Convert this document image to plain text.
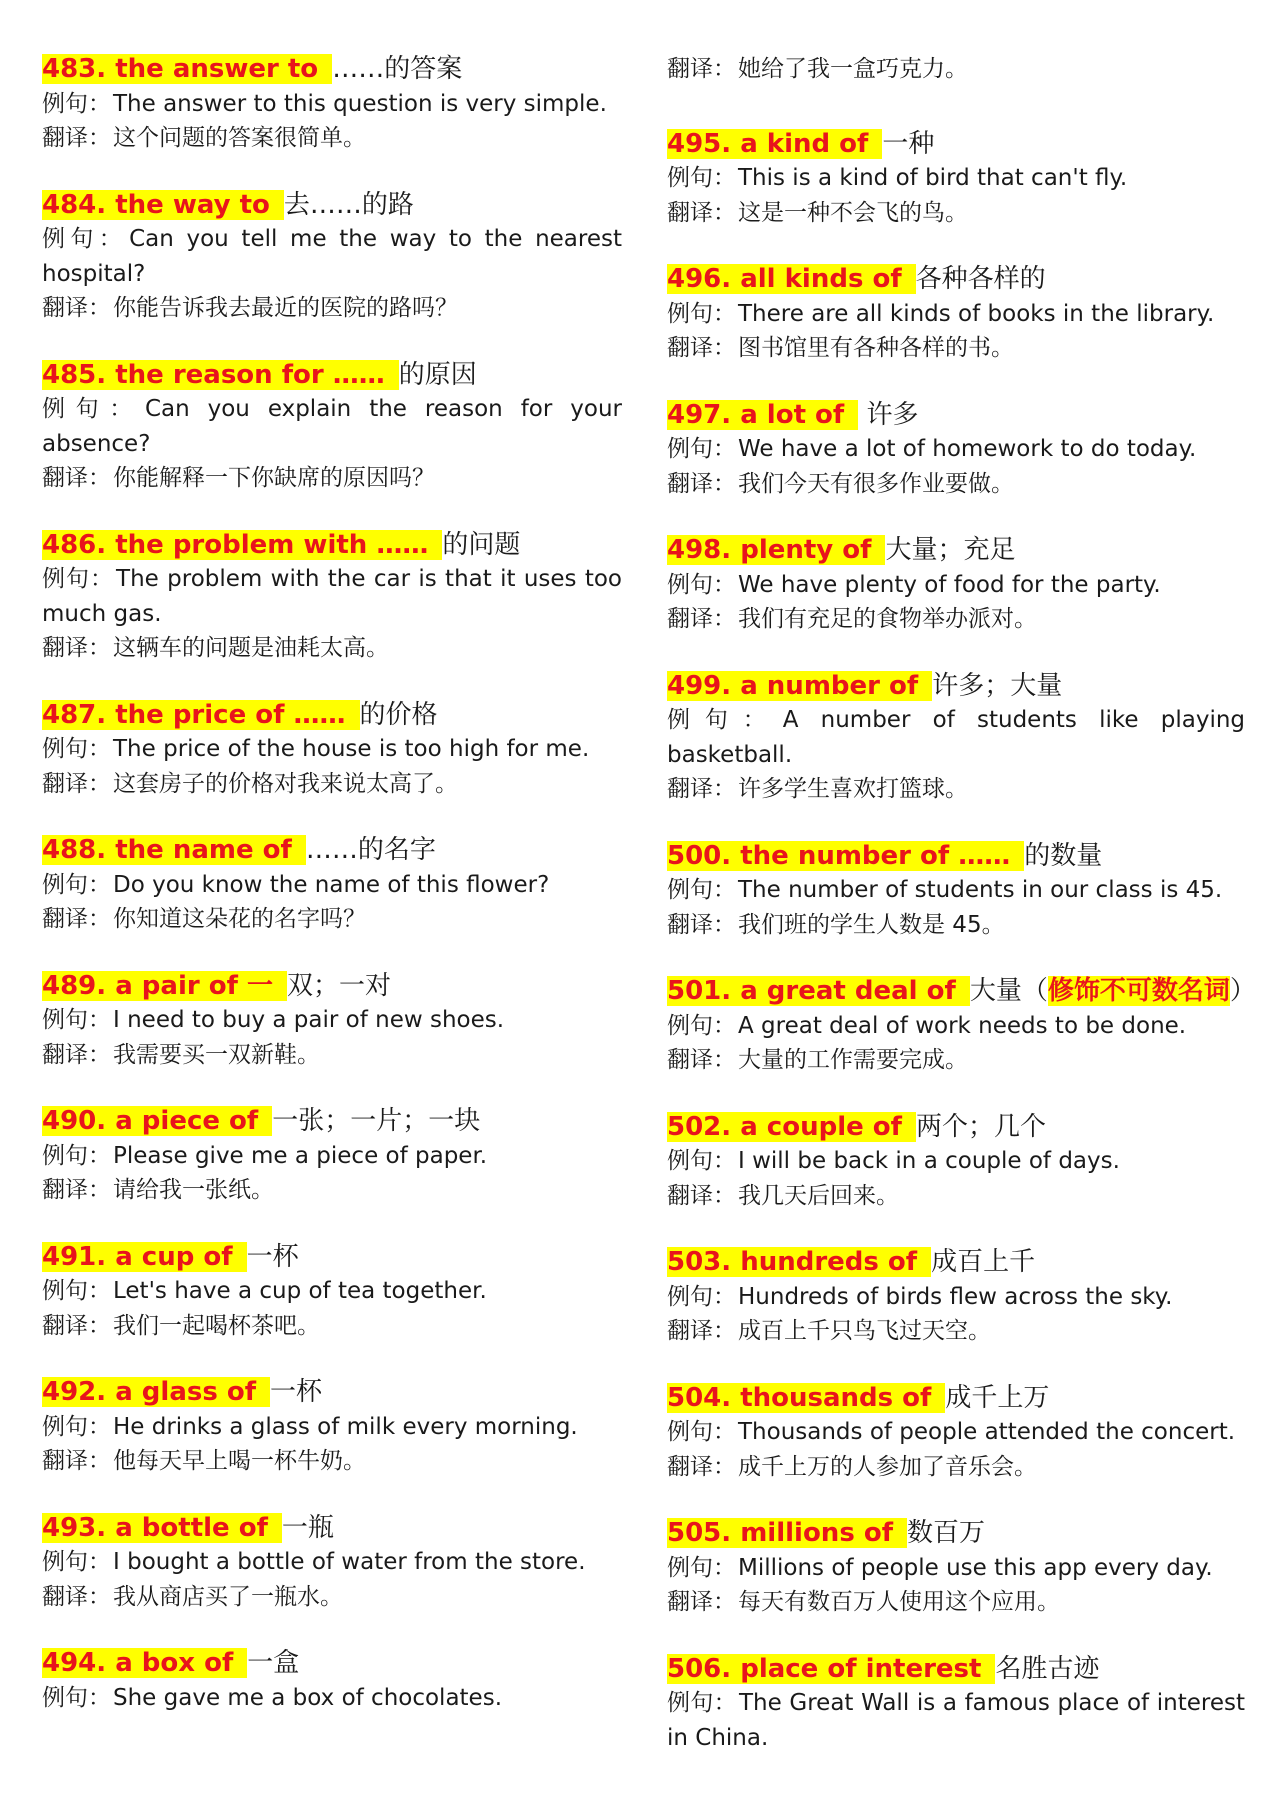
483. the answer to ……的答案
例句：The answer to this question is very simple.
翻译：这个问题的答案很简单。
484. the way to 去……的路
例句：Can you tell me the way to the nearest hospital?
翻译：你能告诉我去最近的医院的路吗？
485. the reason for …… 的原因
例句：Can you explain the reason for your absence?
翻译：你能解释一下你缺席的原因吗？
486. the problem with …… 的问题
例句：The problem with the car is that it uses too much gas.
翻译：这辆车的问题是油耗太高。
487. the price of …… 的价格
例句：The price of the house is too high for me.
翻译：这套房子的价格对我来说太高了。
488. the name of ……的名字
例句：Do you know the name of this flower?
翻译：你知道这朵花的名字吗？
489. a pair of 一 双；一对
例句：I need to buy a pair of new shoes.
翻译：我需要买一双新鞋。
490. a piece of 一张；一片；一块
例句：Please give me a piece of paper.
翻译：请给我一张纸。
491. a cup of 一杯
例句：Let's have a cup of tea together.
翻译：我们一起喝杯茶吧。
492. a glass of 一杯
例句：He drinks a glass of milk every morning.
翻译：他每天早上喝一杯牛奶。
493. a bottle of 一瓶
例句：I bought a bottle of water from the store.
翻译：我从商店买了一瓶水。
494. a box of 一盒
例句：She gave me a box of chocolates.
翻译：她给了我一盒巧克力。
495. a kind of 一种
例句：This is a kind of bird that can't fly.
翻译：这是一种不会飞的鸟。
496. all kinds of 各种各样的
例句：There are all kinds of books in the library.
翻译：图书馆里有各种各样的书。
497. a lot of 许多
例句：We have a lot of homework to do today.
翻译：我们今天有很多作业要做。
498. plenty of 大量；充足
例句：We have plenty of food for the party.
翻译：我们有充足的食物举办派对。
499. a number of 许多；大量
例句：A number of students like playing basketball.
翻译：许多学生喜欢打篮球。
500. the number of …… 的数量
例句：The number of students in our class is 45.
翻译：我们班的学生人数是 45。
501. a great deal of 大量（修饰不可数名词）
例句：A great deal of work needs to be done.
翻译：大量的工作需要完成。
502. a couple of 两个；几个
例句：I will be back in a couple of days.
翻译：我几天后回来。
503. hundreds of 成百上千
例句：Hundreds of birds flew across the sky.
翻译：成百上千只鸟飞过天空。
504. thousands of 成千上万
例句：Thousands of people attended the concert.
翻译：成千上万的人参加了音乐会。
505. millions of 数百万
例句：Millions of people use this app every day.
翻译：每天有数百万人使用这个应用。
506. place of interest 名胜古迹
例句：The Great Wall is a famous place of interest in China.
